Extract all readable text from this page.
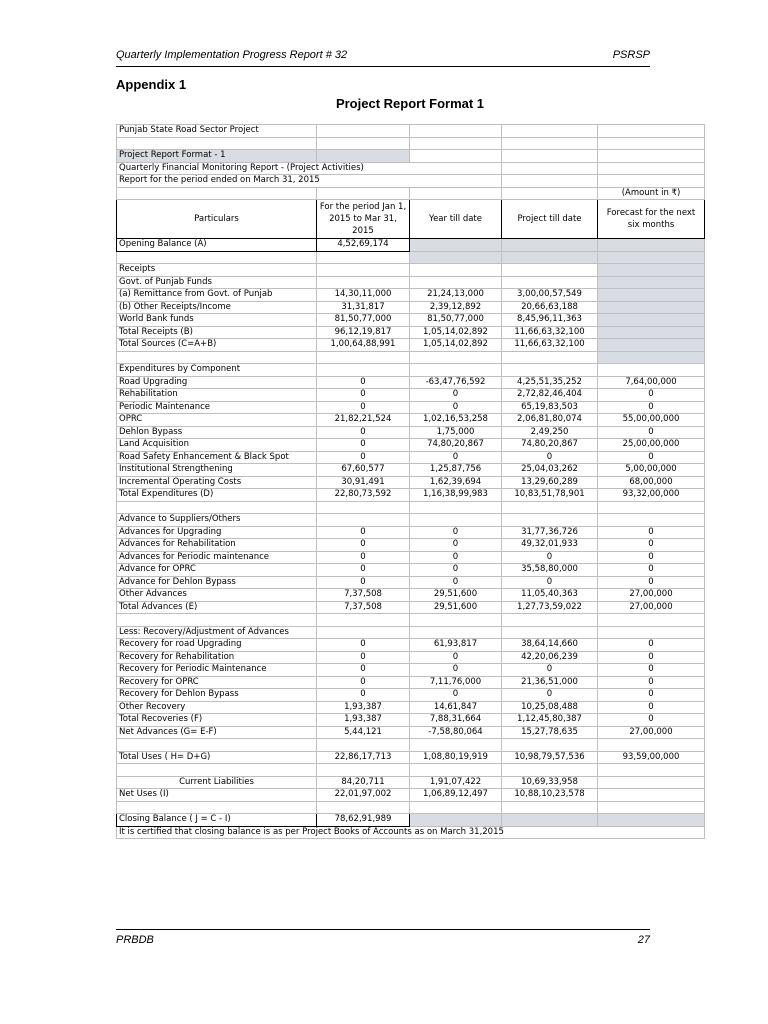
Quarterly Implementation Progress Report # 32	PSRSP
Appendix 1
Project Report Format 1
Punjab State Road Sector Project				

Project Report Format - 1				
Quarterly Financial Monitoring Report - (Project Activities)				
Report for the period ended on March 31, 2015				
				(Amount in ₹)
Particulars	For the period Jan 1, 2015 to Mar 31, 2015	Year till date	Project till date	Forecast for the next six months
Opening Balance (A)	4,52,69,174			

Receipts				
Govt. of Punjab Funds				
(a) Remittance from Govt. of Punjab	14,30,11,000	21,24,13,000	3,00,00,57,549	
(b) Other Receipts/Income	31,31,817	2,39,12,892	20,66,63,188	
World Bank funds	81,50,77,000	81,50,77,000	8,45,96,11,363	
Total Receipts (B)	96,12,19,817	1,05,14,02,892	11,66,63,32,100	
Total Sources (C=A+B)	1,00,64,88,991	1,05,14,02,892	11,66,63,32,100	

Expenditures by Component				
Road Upgrading	0	-63,47,76,592	4,25,51,35,252	7,64,00,000
Rehabilitation	0	0	2,72,82,46,404	0
Periodic Maintenance	0	0	65,19,83,503	0
OPRC	21,82,21,524	1,02,16,53,258	2,06,81,80,074	55,00,00,000
Dehlon Bypass	0	1,75,000	2,49,250	0
Land Acquisition	0	74,80,20,867	74,80,20,867	25,00,00,000
Road Safety Enhancement & Black Spot	0	0	0	0
Institutional Strengthening	67,60,577	1,25,87,756	25,04,03,262	5,00,00,000
Incremental Operating Costs	30,91,491	1,62,39,694	13,29,60,289	68,00,000
Total Expenditures (D)	22,80,73,592	1,16,38,99,983	10,83,51,78,901	93,32,00,000

Advance to Suppliers/Others				
Advances for Upgrading	0	0	31,77,36,726	0
Advances for Rehabilitation	0	0	49,32,01,933	0
Advances for Periodic maintenance	0	0	0	0
Advance for OPRC	0	0	35,58,80,000	0
Advance for Dehlon Bypass	0	0	0	0
Other Advances	7,37,508	29,51,600	11,05,40,363	27,00,000
Total Advances (E)	7,37,508	29,51,600	1,27,73,59,022	27,00,000

Less: Recovery/Adjustment of Advances				
Recovery for road Upgrading	0	61,93,817	38,64,14,660	0
Recovery for Rehabilitation	0	0	42,20,06,239	0
Recovery for Periodic Maintenance	0	0	0	0
Recovery for OPRC	0	7,11,76,000	21,36,51,000	0
Recovery for Dehlon Bypass	0	0	0	0
Other Recovery	1,93,387	14,61,847	10,25,08,488	0
Total Recoveries (F)	1,93,387	7,88,31,664	1,12,45,80,387	0
Net Advances (G= E-F)	5,44,121	-7,58,80,064	15,27,78,635	27,00,000

Total Uses ( H= D+G)	22,86,17,713	1,08,80,19,919	10,98,79,57,536	93,59,00,000

Current Liabilities	84,20,711	1,91,07,422	10,69,33,958	
Net Uses (I)	22,01,97,002	1,06,89,12,497	10,88,10,23,578	

Closing Balance ( J = C - I)	78,62,91,989			
It is certified that closing balance is as per Project Books of Accounts as on March 31,2015				
PRBDB	27
